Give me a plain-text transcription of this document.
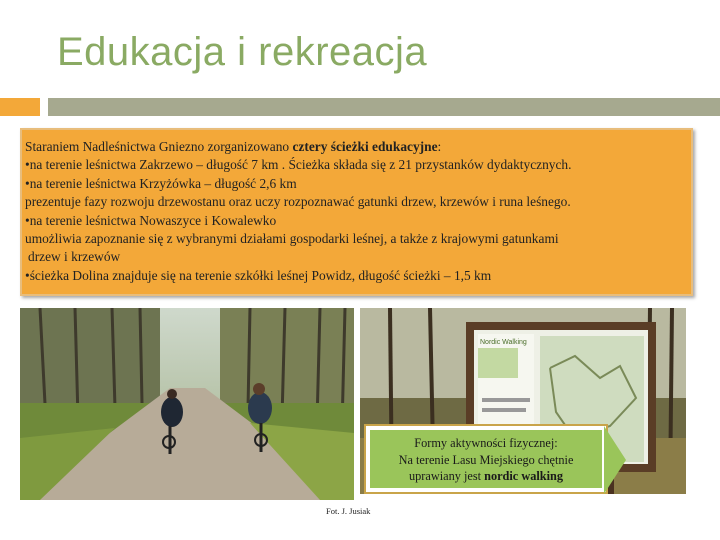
Edukacja i rekreacja

Staraniem Nadleśnictwa Gniezno zorganizowano cztery ścieżki edukacyjne:

•na terenie leśnictwa Zakrzewo – długość 7 km . Ścieżka składa się z 21 przystanków dydaktycznych.

•na terenie leśnictwa Krzyżówka – długość 2,6 km

prezentuje fazy rozwoju drzewostanu oraz uczy rozpoznawać gatunki drzew, krzewów i runa leśnego.

•na terenie leśnictwa Nowaszyce i Kowalewko

umożliwia zapoznanie się z wybranymi działami gospodarki leśnej, a także z krajowymi gatunkami

drzew i krzewów

•ścieżka Dolina znajduje się na terenie szkółki leśnej Powidz, długość ścieżki – 1,5 km

Nordic Walking
Formy aktywności fizycznej:
Na terenie Lasu Miejskiego chętnie
uprawiany jest nordic walking
Fot. J. Jusiak
